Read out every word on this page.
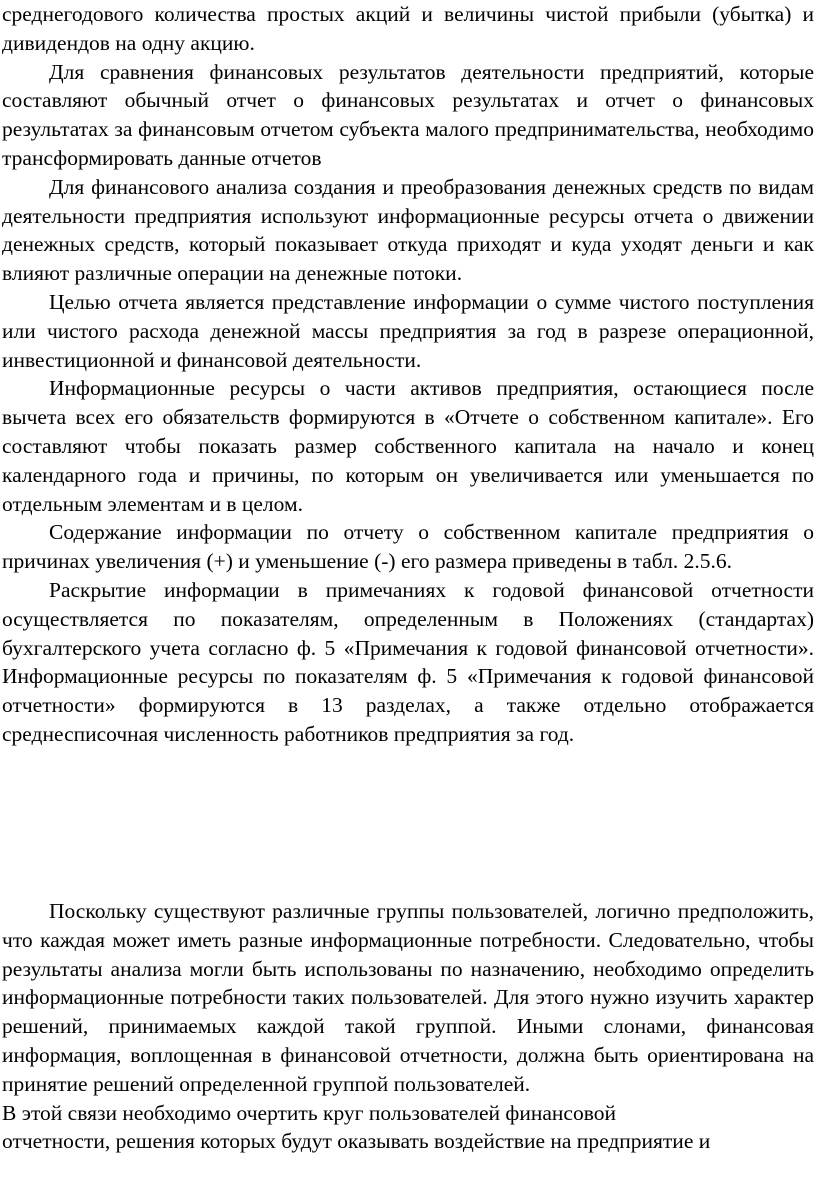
среднегодового количества простых акций и величины чистой прибыли (убытка) и дивидендов на одну акцию.

Для сравнения финансовых результатов деятельности предприятий, которые составляют обычный отчет о финансовых результатах и отчет о финансовых результатах за финансовым отчетом субъекта малого предпринимательства, необходимо трансформировать данные отчетов

Для финансового анализа создания и преобразования денежных средств по видам деятельности предприятия используют информационные ресурсы отчета о движении денежных средств, который показывает откуда приходят и куда уходят деньги и как влияют различные операции на денежные потоки.

Целью отчета является представление информации о сумме чистого поступления или чистого расхода денежной массы предприятия за год в разрезе операционной, инвестиционной и финансовой деятельности.

Информационные ресурсы о части активов предприятия, остающиеся после вычета всех его обязательств формируются в «Отчете о собственном капитале». Его составляют чтобы показать размер собственного капитала на начало и конец календарного года и причины, по которым он увеличивается или уменьшается по отдельным элементам и в целом.

Содержание информации по отчету о собственном капитале предприятия о причинах увеличения (+) и уменьшение (-) его размера приведены в табл. 2.5.6.

Раскрытие информации в примечаниях к годовой финансовой отчетности осуществляется по показателям, определенным в Положениях (стандартах) бухгалтерского учета согласно ф. 5 «Примечания к годовой финансовой отчетности». Информационные ресурсы по показателям ф. 5 «Примечания к годовой финансовой отчетности» формируются в 13 разделах, а также отдельно отображается среднесписочная численность работников предприятия за год.

Поскольку существуют различные группы пользователей, логично предположить, что каждая может иметь разные информационные потребности. Следовательно, чтобы результаты анализа могли быть использованы по назначению, необходимо определить информационные потребности таких пользователей. Для этого нужно изучить характер решений, принимаемых каждой такой группой. Иными слонами, финансовая информация, воплощенная в финансовой отчетности, должна быть ориентирована на принятие решений определенной группой пользователей.

В этой связи необходимо очертить круг пользователей финансовой

отчетности, решения которых будут оказывать воздействие на предприятие и
